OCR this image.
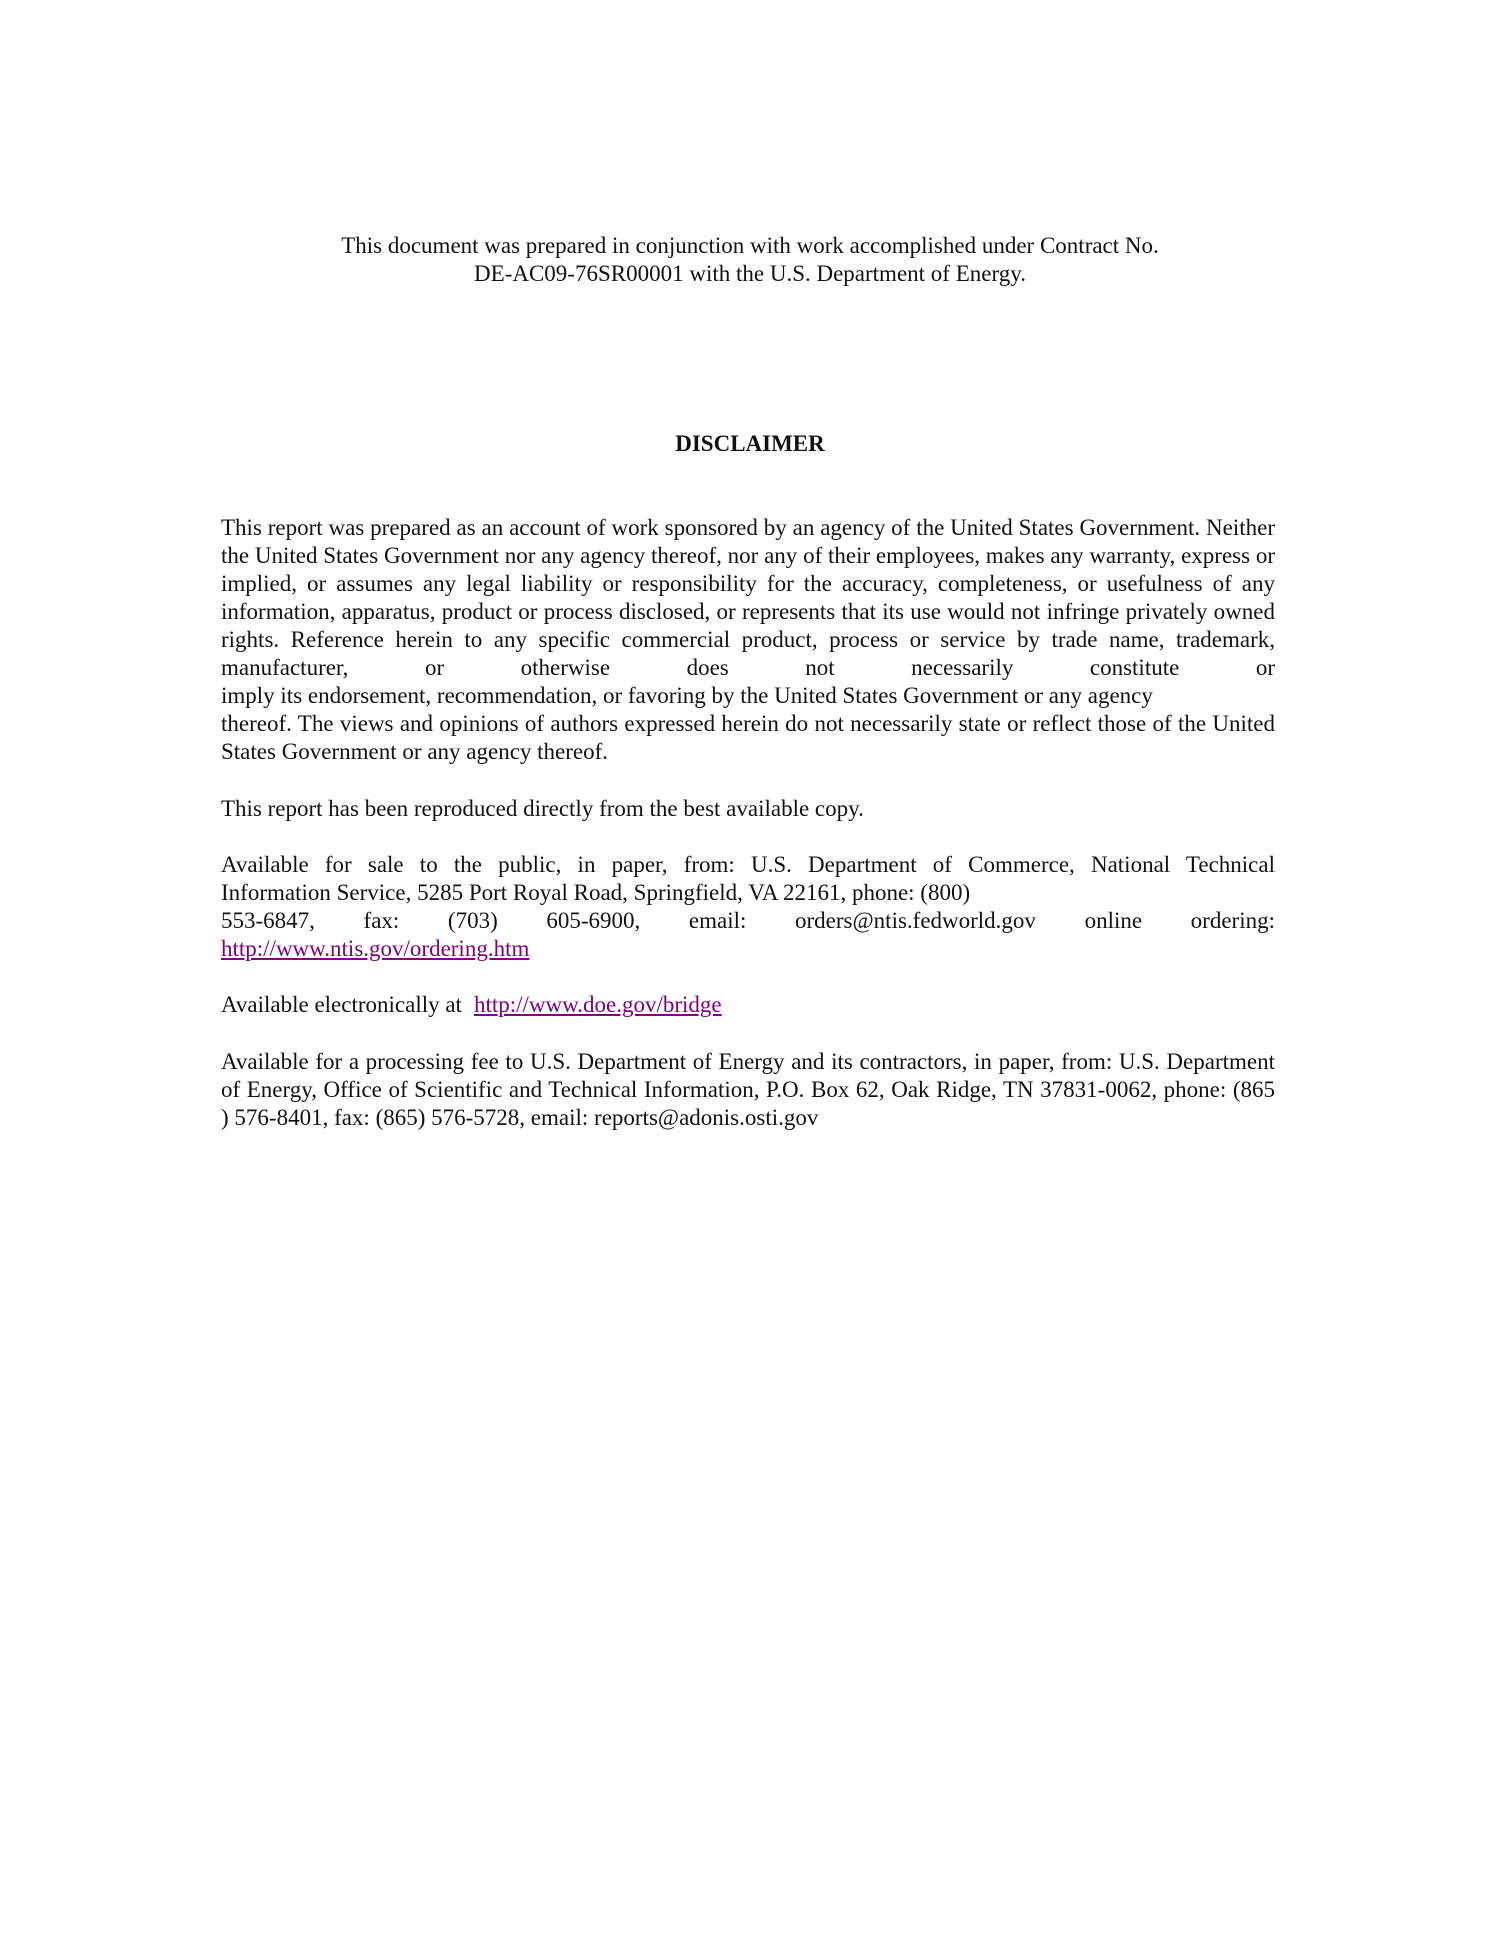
This document was prepared in conjunction with work accomplished under Contract No.
DE-AC09-76SR00001 with the U.S. Department of Energy.
DISCLAIMER
This report was prepared as an account of work sponsored by an agency of the United States Government. Neither the United States Government nor any agency thereof, nor any of their employees, makes any warranty, express or implied, or assumes any legal liability or responsibility for the accuracy, completeness, or usefulness of any information, apparatus, product or process disclosed, or represents that its use would not infringe privately owned rights. Reference herein to any specific commercial product, process or service by trade name, trademark, manufacturer, or otherwise does not necessarily constitute or
imply its endorsement, recommendation, or favoring by the United States Government or any agency
thereof. The views and opinions of authors expressed herein do not necessarily state or reflect those of the United States Government or any agency thereof.
This report has been reproduced directly from the best available copy.
Available for sale to the public, in paper, from: U.S. Department of Commerce, National Technical
Information Service, 5285 Port Royal Road, Springfield, VA 22161, phone: (800)
553-6847, fax: (703) 605-6900, email: orders@ntis.fedworld.gov online ordering:
http://www.ntis.gov/ordering.htm
Available electronically at http://www.doe.gov/bridge
Available for a processing fee to U.S. Department of Energy and its contractors, in paper, from: U.S. Department of Energy, Office of Scientific and Technical Information, P.O. Box 62, Oak Ridge, TN 37831-0062, phone: (865 ) 576-8401, fax: (865) 576-5728, email: reports@adonis.osti.gov
